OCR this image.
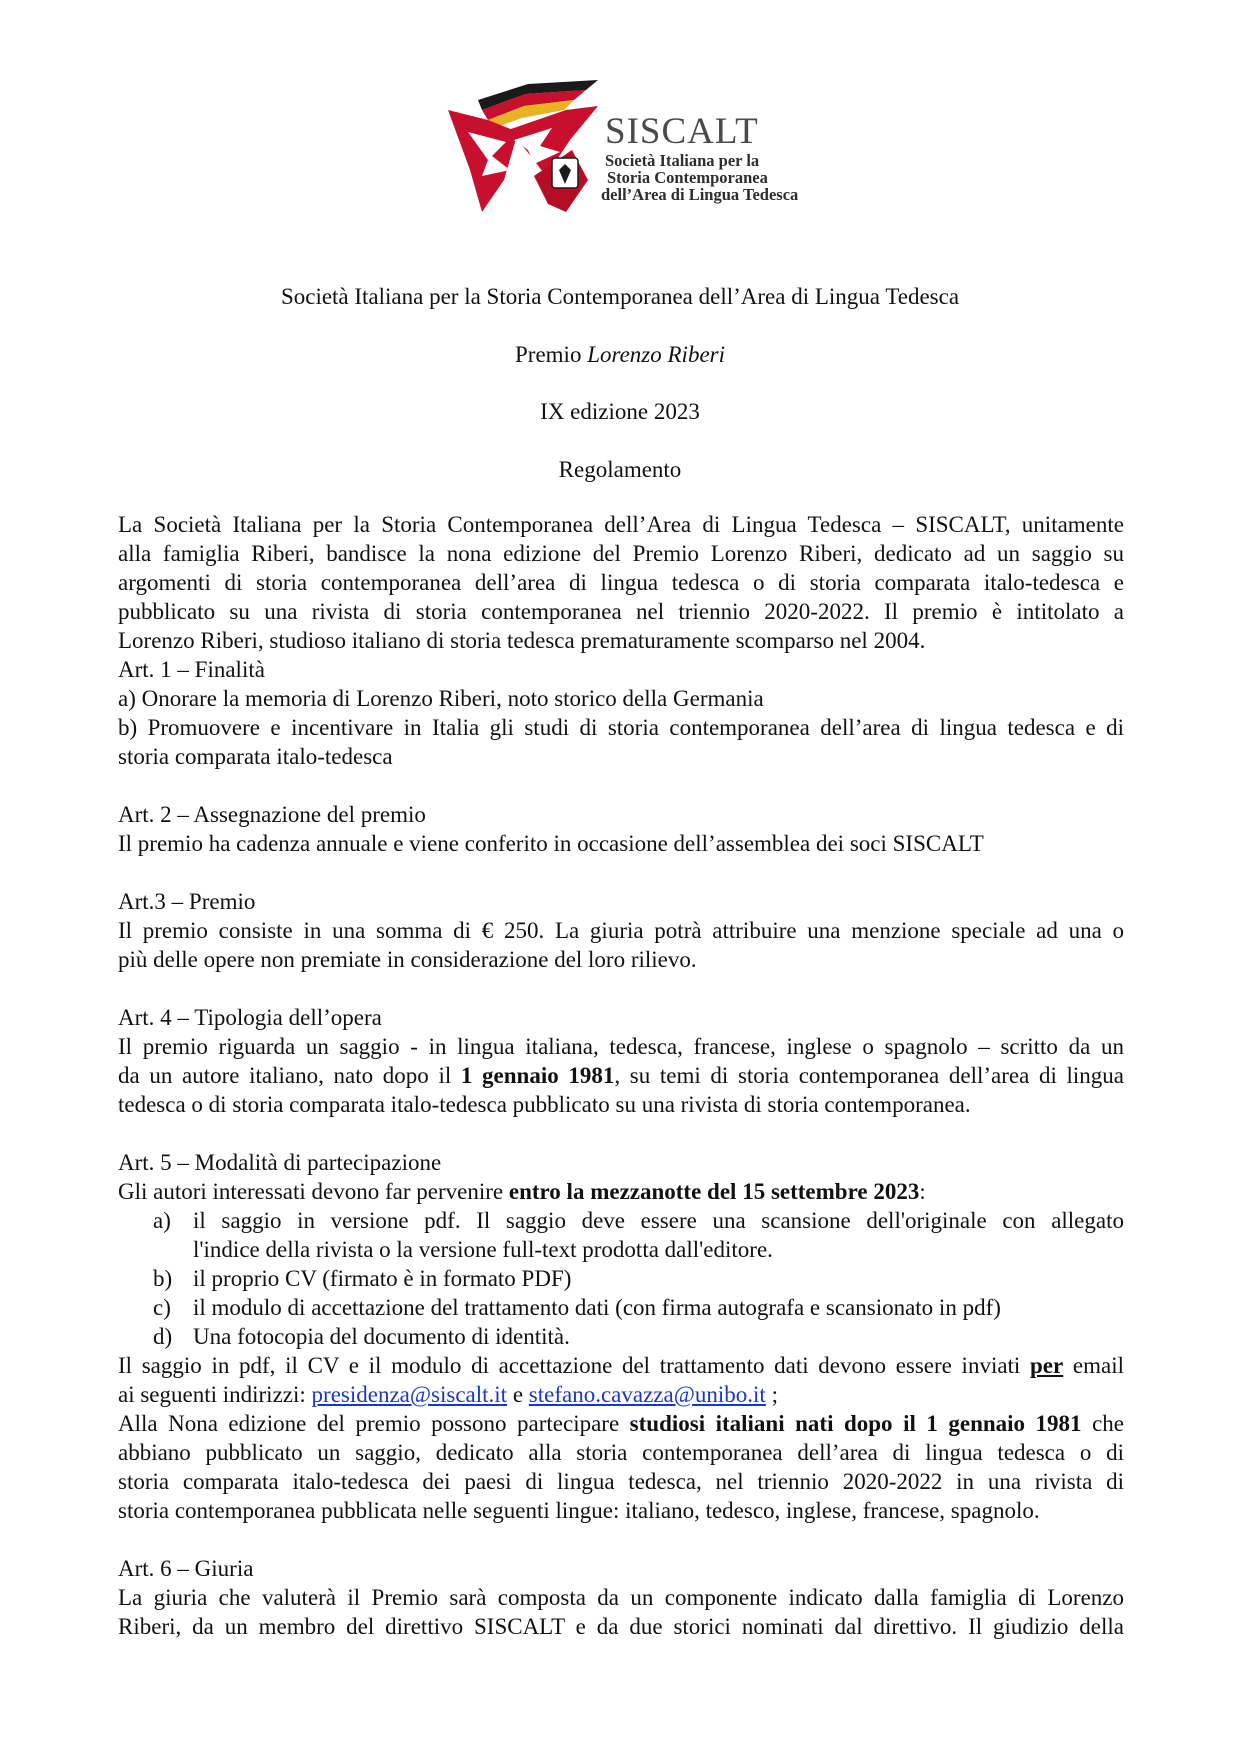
SISCALT
Società Italiana per la
Storia Contemporanea
dell’Area di Lingua Tedesca
Società Italiana per la Storia Contemporanea dell’Area di Lingua Tedesca
Premio Lorenzo Riberi
IX edizione 2023
Regolamento
La Società Italiana per la Storia Contemporanea dell’Area di Lingua Tedesca – SISCALT, unitamente
alla famiglia Riberi, bandisce la nona edizione del Premio Lorenzo Riberi, dedicato ad un saggio su
argomenti di storia contemporanea dell’area di lingua tedesca o di storia comparata italo-tedesca e
pubblicato su una rivista di storia contemporanea nel triennio 2020-2022. Il premio è intitolato a
Lorenzo Riberi, studioso italiano di storia tedesca prematuramente scomparso nel 2004.
Art. 1 – Finalità
a) Onorare la memoria di Lorenzo Riberi, noto storico della Germania
b) Promuovere e incentivare in Italia gli studi di storia contemporanea dell’area di lingua tedesca e di
storia comparata italo-tedesca
Art. 2 – Assegnazione del premio
Il premio ha cadenza annuale e viene conferito in occasione dell’assemblea dei soci SISCALT
Art.3 – Premio
Il premio consiste in una somma di € 250. La giuria potrà attribuire una menzione speciale ad una o
più delle opere non premiate in considerazione del loro rilievo.
Art. 4 – Tipologia dell’opera
Il premio riguarda un saggio - in lingua italiana, tedesca, francese, inglese o spagnolo – scritto da un
da un autore italiano, nato dopo il 1 gennaio 1981, su temi di storia contemporanea dell’area di lingua
tedesca o di storia comparata italo-tedesca pubblicato su una rivista di storia contemporanea.
Art. 5 – Modalità di partecipazione
Gli autori interessati devono far pervenire entro la mezzanotte del 15 settembre 2023:
a) il saggio in versione pdf. Il saggio deve essere una scansione dell'originale con allegato
l'indice della rivista o la versione full-text prodotta dall'editore.
b) il proprio CV (firmato è in formato PDF)
c) il modulo di accettazione del trattamento dati (con firma autografa e scansionato in pdf)
d) Una fotocopia del documento di identità.
Il saggio in pdf, il CV e il modulo di accettazione del trattamento dati devono essere inviati per email
ai seguenti indirizzi: presidenza@siscalt.it e stefano.cavazza@unibo.it ;
Alla Nona edizione del premio possono partecipare studiosi italiani nati dopo il 1 gennaio 1981 che
abbiano pubblicato un saggio, dedicato alla storia contemporanea dell’area di lingua tedesca o di
storia comparata italo-tedesca dei paesi di lingua tedesca, nel triennio 2020-2022 in una rivista di
storia contemporanea pubblicata nelle seguenti lingue: italiano, tedesco, inglese, francese, spagnolo.
Art. 6 – Giuria
La giuria che valuterà il Premio sarà composta da un componente indicato dalla famiglia di Lorenzo
Riberi, da un membro del direttivo SISCALT e da due storici nominati dal direttivo. Il giudizio della
